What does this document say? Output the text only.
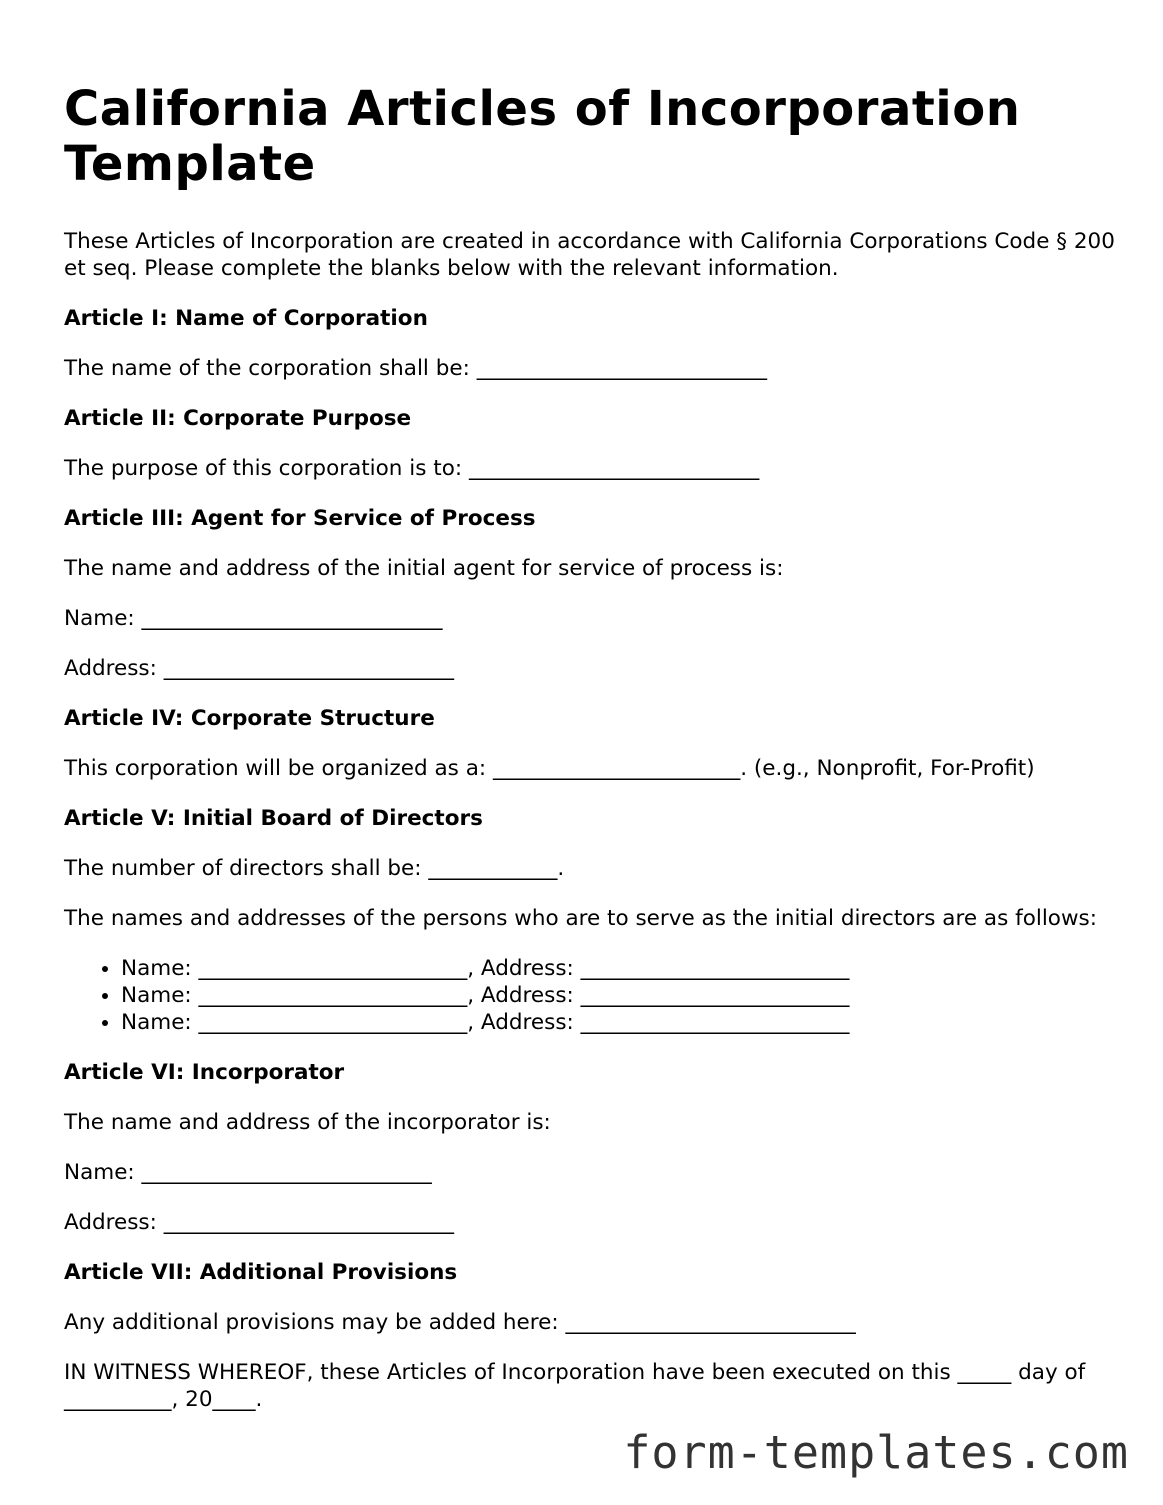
California Articles of Incorporation Template

These Articles of Incorporation are created in accordance with California Corporations Code § 200 et seq. Please complete the blanks below with the relevant information.

Article I: Name of Corporation

The name of the corporation shall be: ___________________________

Article II: Corporate Purpose

The purpose of this corporation is to: ___________________________

Article III: Agent for Service of Process

The name and address of the initial agent for service of process is:

Name: ____________________________

Address: ___________________________

Article IV: Corporate Structure

This corporation will be organized as a: _______________________. (e.g., Nonprofit, For-Profit)

Article V: Initial Board of Directors

The number of directors shall be: ____________.

The names and addresses of the persons who are to serve as the initial directors are as follows:

• Name: _________________________, Address: _________________________
• Name: _________________________, Address: _________________________
• Name: _________________________, Address: _________________________
Article VI: Incorporator

The name and address of the incorporator is:

Name: ___________________________

Address: ___________________________

Article VII: Additional Provisions

Any additional provisions may be added here: ___________________________

IN WITNESS WHEREOF, these Articles of Incorporation have been executed on this _____ day of __________, 20____.

form-templates.com
